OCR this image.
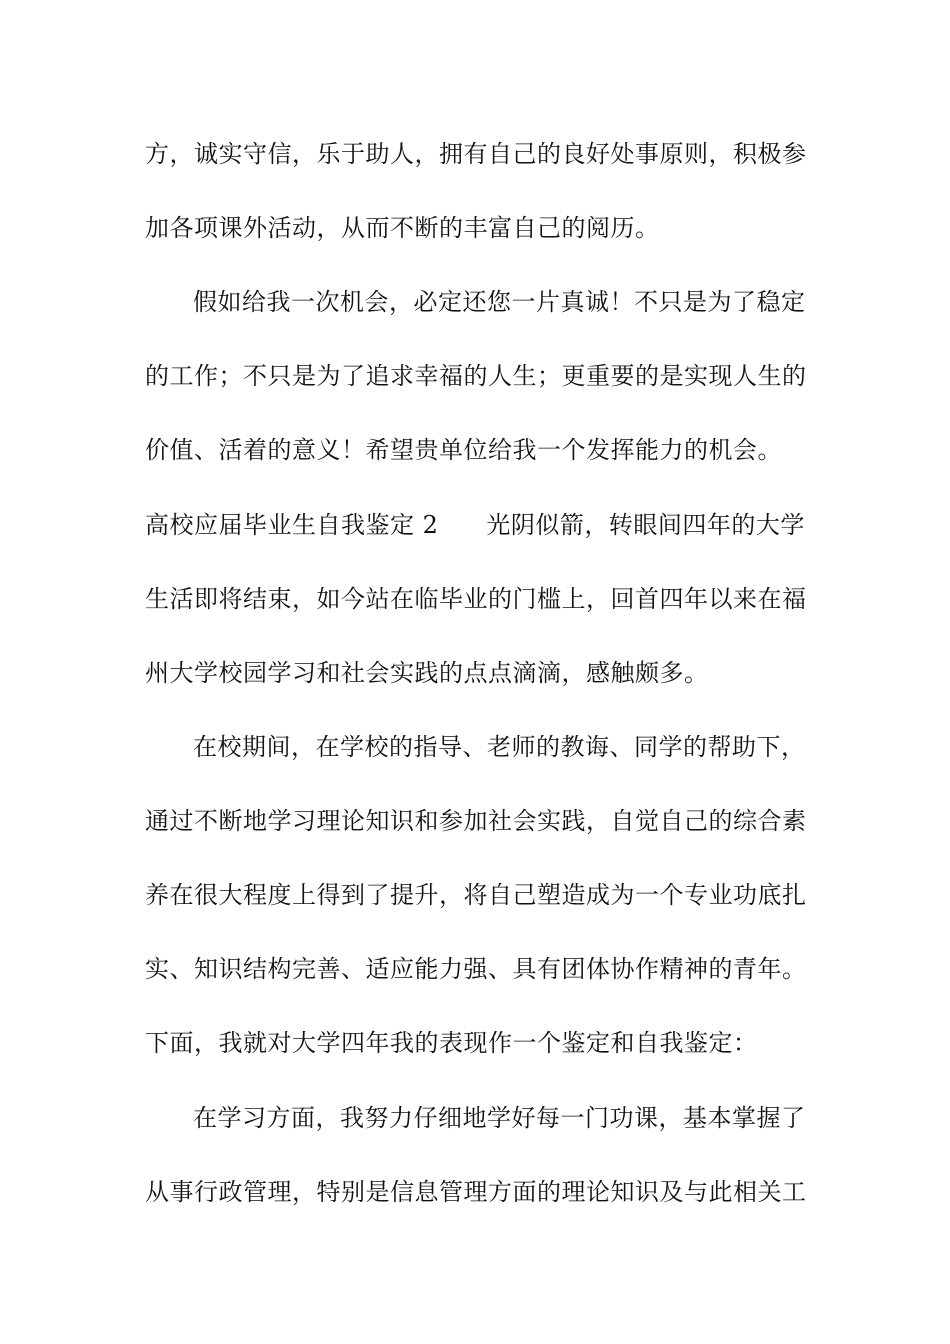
方，诚实守信，乐于助人，拥有自己的良好处事原则，积极参
加各项课外活动，从而不断的丰富自己的阅历。
假如给我一次机会，必定还您一片真诚！不只是为了稳定
的工作；不只是为了追求幸福的人生；更重要的是实现人生的
价值、活着的意义！希望贵单位给我一个发挥能力的机会。
高校应届毕业生自我鉴定 2 光阴似箭，转眼间四年的大学
生活即将结束，如今站在临毕业的门槛上，回首四年以来在福
州大学校园学习和社会实践的点点滴滴，感触颇多。
在校期间，在学校的指导、老师的教诲、同学的帮助下，
通过不断地学习理论知识和参加社会实践，自觉自己的综合素
养在很大程度上得到了提升，将自己塑造成为一个专业功底扎
实、知识结构完善、适应能力强、具有团体协作精神的青年。
下面，我就对大学四年我的表现作一个鉴定和自我鉴定：
在学习方面，我努力仔细地学好每一门功课，基本掌握了
从事行政管理，特别是信息管理方面的理论知识及与此相关工
